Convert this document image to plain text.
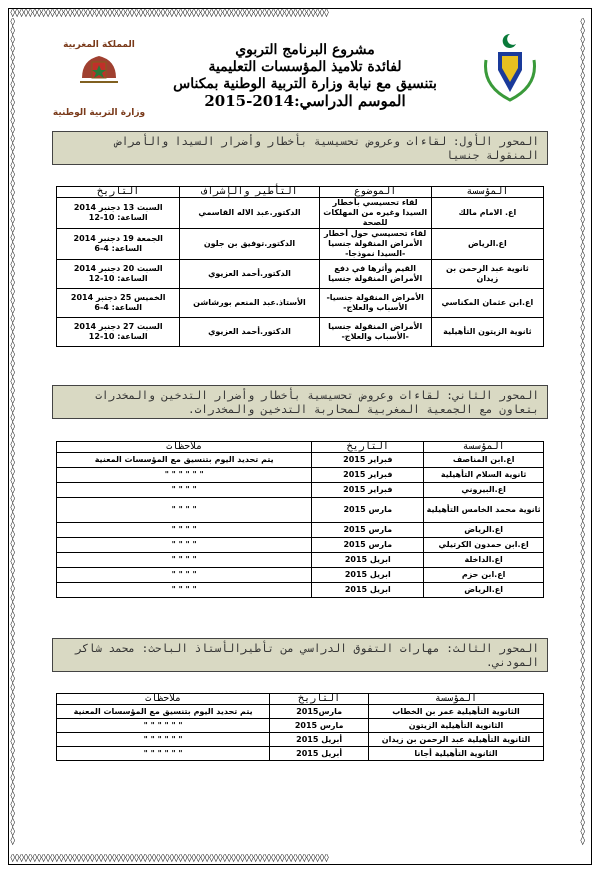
◊◊◊◊◊◊◊◊◊◊◊◊◊◊◊◊◊◊◊◊◊◊◊◊◊◊◊◊◊◊◊◊◊◊◊◊◊◊◊◊◊◊◊◊◊◊◊◊◊◊◊◊◊◊◊◊◊◊◊◊◊◊◊◊◊◊◊◊◊◊◊◊
◊◊◊◊◊◊◊◊◊◊◊◊◊◊◊◊◊◊◊◊◊◊◊◊◊◊◊◊◊◊◊◊◊◊◊◊◊◊◊◊◊◊◊◊◊◊◊◊◊◊◊◊◊◊◊◊◊◊◊◊◊◊◊◊◊◊◊◊◊◊◊◊
◊◊◊◊◊◊◊◊◊◊◊◊◊◊◊◊◊◊◊◊◊◊◊◊◊◊◊◊◊◊◊◊◊◊◊◊◊◊◊◊◊◊◊◊◊◊◊◊◊◊◊◊◊◊◊◊◊◊◊◊◊◊◊◊◊◊◊◊◊◊◊◊◊◊◊◊◊◊◊◊◊◊◊◊◊◊◊◊◊◊◊◊
◊◊◊◊◊◊◊◊◊◊◊◊◊◊◊◊◊◊◊◊◊◊◊◊◊◊◊◊◊◊◊◊◊◊◊◊◊◊◊◊◊◊◊◊◊◊◊◊◊◊◊◊◊◊◊◊◊◊◊◊◊◊◊◊◊◊◊◊◊◊◊◊◊◊◊◊◊◊◊◊◊◊◊◊◊◊◊◊◊◊◊◊
مشروع البرنامج التربوي
لفائدة تلاميذ المؤسسات التعليمية
بتنسيق مع نيابة وزارة التربية الوطنية بمكناس
الموسم الدراسي:2014-2015
المملكة المغربية
وزارة التربية الوطنية
المحور الأول: لقاءات وعروض تحسيسية بأخطار وأضرار السيدا والأمراض المنقولة جنسيا
المؤسسة	الموضوع	التأطير والإشراف	التاريخ
اع. الامام مالك	لقاء تحسيسي بأخطار السيدا وغيره من المهلكات للصحة	الدكتور.عبد الاله القاسمي	السبت 13 دجنبر 2014
الساعة: 10-12

اع.الرياض	لقاء تحسيسي حول أخطار الأمراض المنقولة جنسيا -السيدا نموذجا-	الدكتور.توفيق بن جلون	الجمعة 19 دجنبر 2014
الساعة: 4-6

ثانوية عبد الرحمن بن زيدان	القيم وأثرها في دفع الأمراض المنقولة جنسيا	الدكتور.أحمد العزيوي	السبت 20 دجنبر 2014
الساعة: 10-12

اع.ابن عثمان المكناسي	الأمراض المنقولة جنسيا- الأسباب والعلاج-	الأستاذ.عبد المنعم بورشاشن	الخميس 25 دجنبر 2014
الساعة: 4-6

ثانوية الزيتون التأهيلية	الأمراض المنقولة جنسيا -الأسباب والعلاج-	الدكتور.أحمد العزيوي	السبت 27 دجنبر 2014
الساعة: 10-12
المحور الثاني: لقاءات وعروض تحسيسية بأخطار وأضرار التدخين والمخدرات بتعاون مع الجمعية المغربية لمحاربة التدخين والمخدرات.
المؤسسة	التاريخ	ملاحظات
اع.ابن المناصف	فبراير 2015	يتم تحديد اليوم بتنسيق مع المؤسسات المعنية
ثانوية السلام التأهيلية	فبراير 2015	" " " " " "
اع.البيروني	فبراير 2015	" " " "
ثانوية محمد الخامس التأهيلية	مارس 2015	" " " "
اع.الرياض	مارس 2015	" " " "
اع.ابن حمدون الكرتيلي	مارس 2015	" " " "
اع.الداخلة	ابريل 2015	" " " "
اع.ابن حزم	ابريل 2015	" " " "
اع.الرياض	ابريل 2015	" " " "
المحور الثالث: مهارات التفوق الدراسي من تأطيرالأستاذ الباحث: محمد شاكر المودني.
المؤسسة	التاريخ	ملاحظات
الثانوية التأهيلية عمر بن الخطاب	مارس2015	يتم تحديد اليوم بتنسيق مع المؤسسات المعنية
الثانوية التأهيلية الزيتون	مارس 2015	" " " " " "
الثانوية التأهيلية عبد الرحمن بن زيدان	أبريل 2015	" " " " " "
الثانوية التأهيلية أجانا	أبريل 2015	" " " " " "
